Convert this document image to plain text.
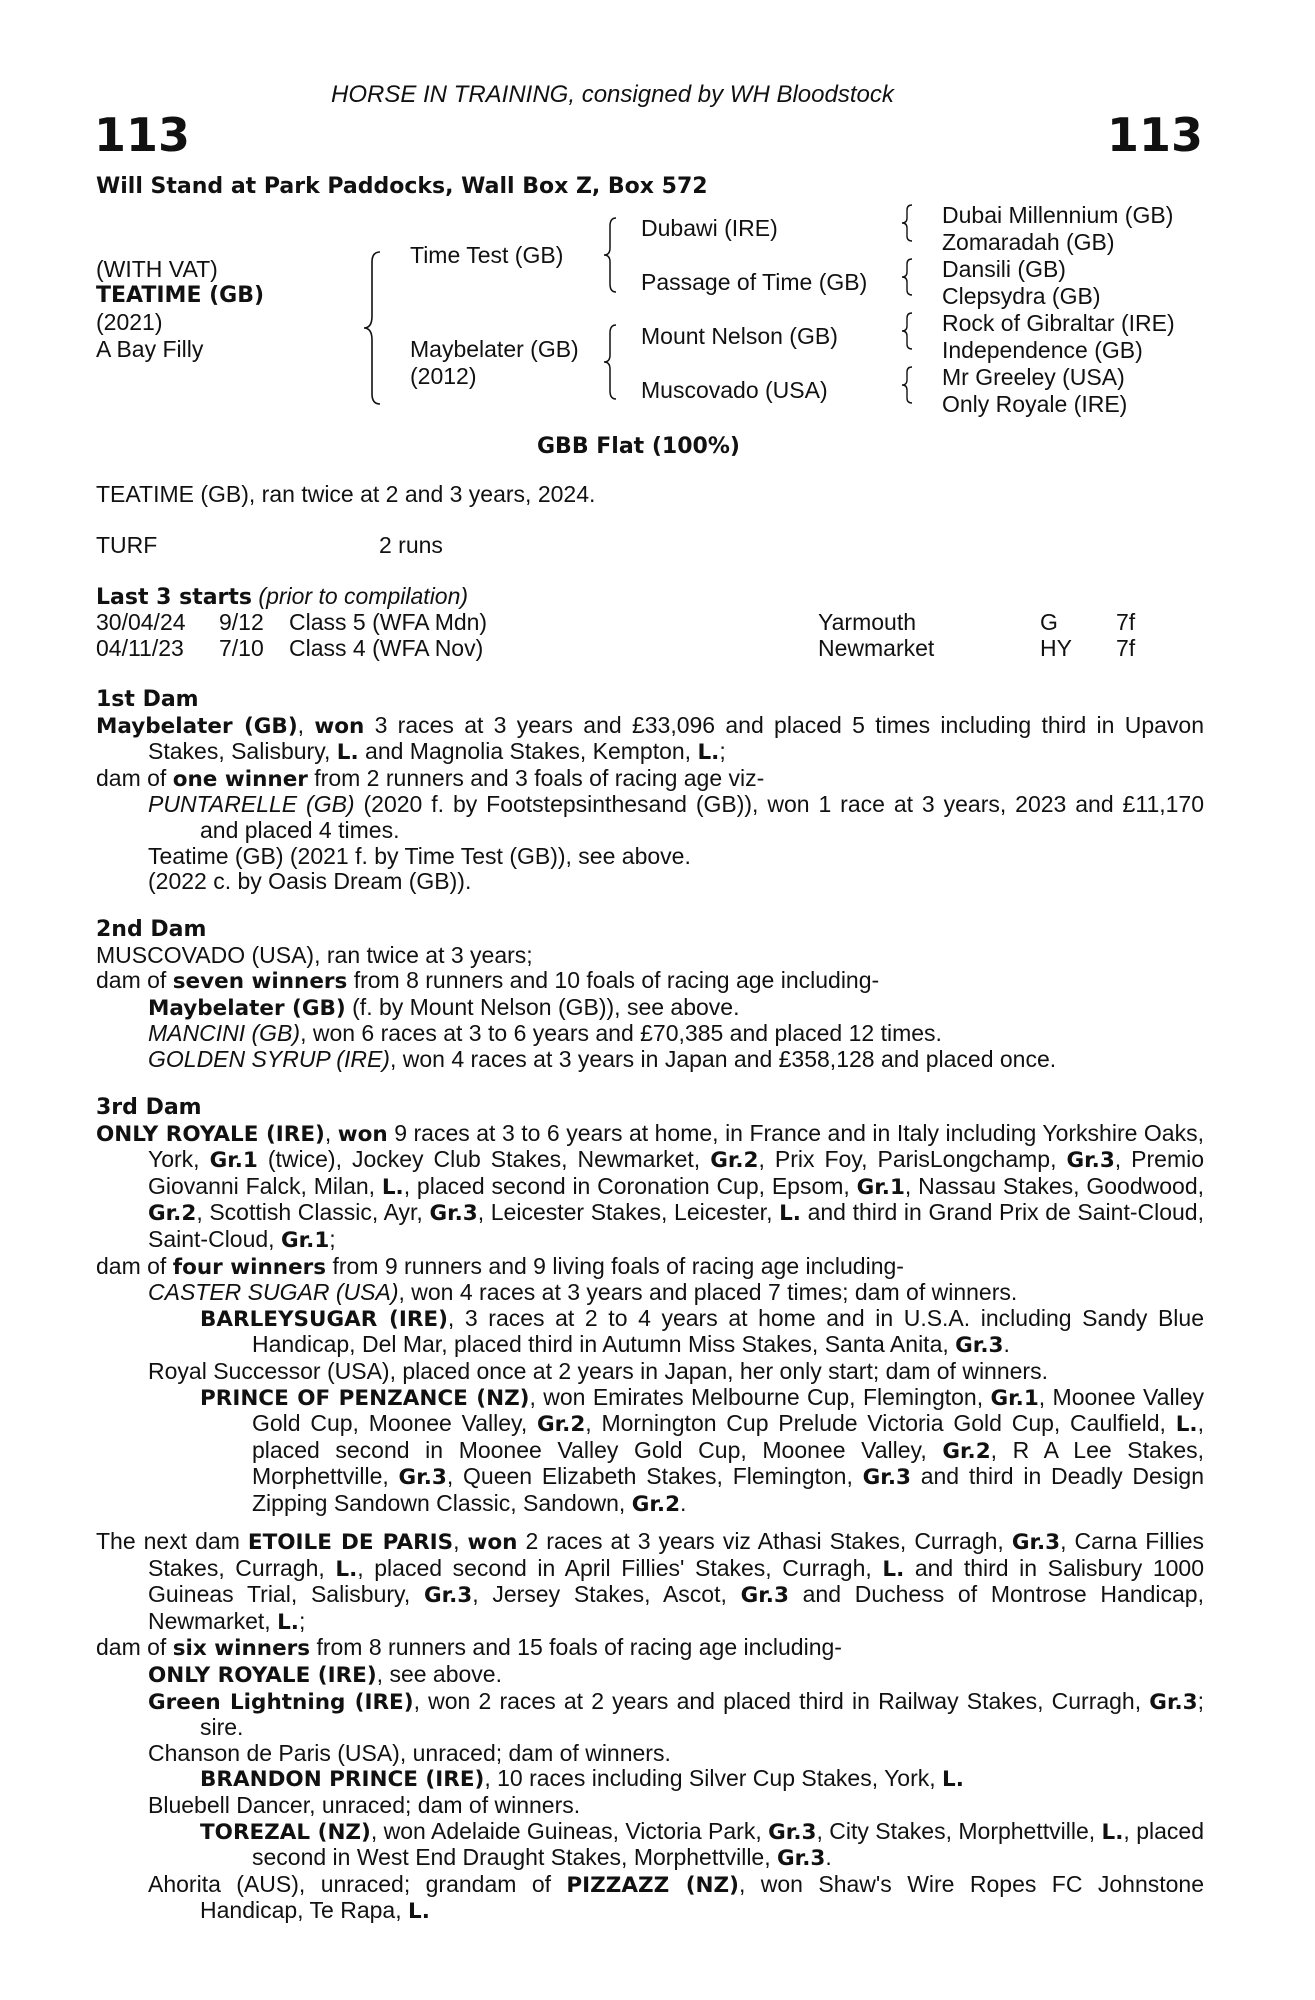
HORSE IN TRAINING, consigned by WH Bloodstock
113	113
Will Stand at Park Paddocks, Wall Box Z, Box 572
(WITH VAT)
TEATIME (GB)
(2021)
A Bay Filly
Time Test (GB)
Maybelater (GB)
(2012)
Dubawi (IRE)
Passage of Time (GB)
Mount Nelson (GB)
Muscovado (USA)
Dubai Millennium (GB)
Zomaradah (GB)
Dansili (GB)
Clepsydra (GB)
Rock of Gibraltar (IRE)
Independence (GB)
Mr Greeley (USA)
Only Royale (IRE)
GBB Flat (100%)
TEATIME (GB), ran twice at 2 and 3 years, 2024.
TURF	2 runs
Last 3 starts (prior to compilation)
30/04/24 9/12 Class 5 (WFA Mdn)	Yarmouth	G	7f
04/11/23 7/10 Class 4 (WFA Nov)	Newmarket	HY 7f
1st Dam
Maybelater (GB), won 3 races at 3 years and £33,096 and placed 5 times including third in Upavon Stakes, Salisbury, L. and Magnolia Stakes, Kempton, L.;
dam of one winner from 2 runners and 3 foals of racing age viz-
PUNTARELLE (GB) (2020 f. by Footstepsinthesand (GB)), won 1 race at 3 years, 2023 and £11,170 and placed 4 times.
Teatime (GB) (2021 f. by Time Test (GB)), see above.
(2022 c. by Oasis Dream (GB)).
2nd Dam
MUSCOVADO (USA), ran twice at 3 years;
dam of seven winners from 8 runners and 10 foals of racing age including-
Maybelater (GB) (f. by Mount Nelson (GB)), see above.
MANCINI (GB), won 6 races at 3 to 6 years and £70,385 and placed 12 times.
GOLDEN SYRUP (IRE), won 4 races at 3 years in Japan and £358,128 and placed once.
3rd Dam
ONLY ROYALE (IRE), won 9 races at 3 to 6 years at home, in France and in Italy including Yorkshire Oaks, York, Gr.1 (twice), Jockey Club Stakes, Newmarket, Gr.2, Prix Foy, ParisLongchamp, Gr.3, Premio Giovanni Falck, Milan, L., placed second in Coronation Cup, Epsom, Gr.1, Nassau Stakes, Goodwood, Gr.2, Scottish Classic, Ayr, Gr.3, Leicester Stakes, Leicester, L. and third in Grand Prix de Saint-Cloud, Saint-Cloud, Gr.1;
dam of four winners from 9 runners and 9 living foals of racing age including-
CASTER SUGAR (USA), won 4 races at 3 years and placed 7 times; dam of winners.
BARLEYSUGAR (IRE), 3 races at 2 to 4 years at home and in U.S.A. including Sandy Blue Handicap, Del Mar, placed third in Autumn Miss Stakes, Santa Anita, Gr.3.
Royal Successor (USA), placed once at 2 years in Japan, her only start; dam of winners.
PRINCE OF PENZANCE (NZ), won Emirates Melbourne Cup, Flemington, Gr.1, Moonee Valley Gold Cup, Moonee Valley, Gr.2, Mornington Cup Prelude Victoria Gold Cup, Caulfield, L., placed second in Moonee Valley Gold Cup, Moonee Valley, Gr.2, R A Lee Stakes, Morphettville, Gr.3, Queen Elizabeth Stakes, Flemington, Gr.3 and third in Deadly Design Zipping Sandown Classic, Sandown, Gr.2.
The next dam ETOILE DE PARIS, won 2 races at 3 years viz Athasi Stakes, Curragh, Gr.3, Carna Fillies Stakes, Curragh, L., placed second in April Fillies' Stakes, Curragh, L. and third in Salisbury 1000 Guineas Trial, Salisbury, Gr.3, Jersey Stakes, Ascot, Gr.3 and Duchess of Montrose Handicap, Newmarket, L.;
dam of six winners from 8 runners and 15 foals of racing age including-
ONLY ROYALE (IRE), see above.
Green Lightning (IRE), won 2 races at 2 years and placed third in Railway Stakes, Curragh, Gr.3; sire.
Chanson de Paris (USA), unraced; dam of winners.
BRANDON PRINCE (IRE), 10 races including Silver Cup Stakes, York, L.
Bluebell Dancer, unraced; dam of winners.
TOREZAL (NZ), won Adelaide Guineas, Victoria Park, Gr.3, City Stakes, Morphettville, L., placed second in West End Draught Stakes, Morphettville, Gr.3.
Ahorita (AUS), unraced; grandam of PIZZAZZ (NZ), won Shaw's Wire Ropes FC Johnstone Handicap, Te Rapa, L.
